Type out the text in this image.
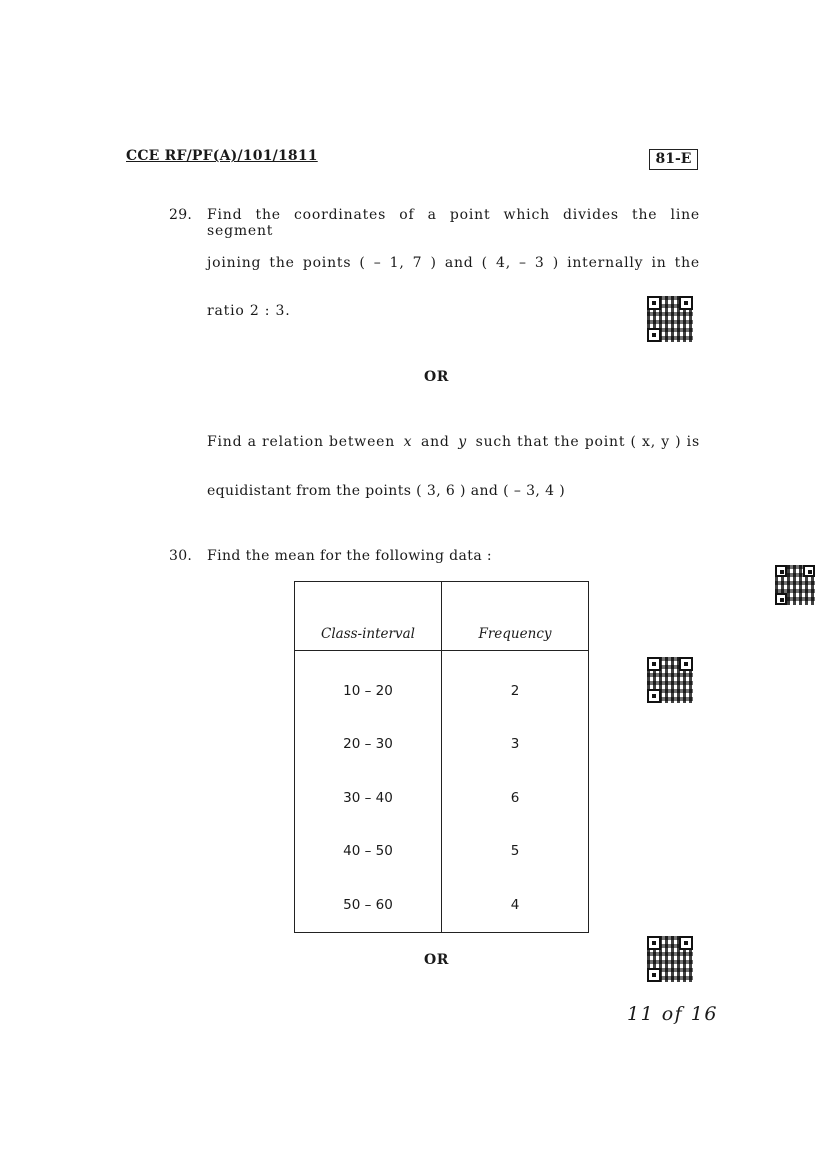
CCE RF/PF(A)/101/1811	81-E
29. Find the coordinates of a point which divides the line segment
joining the points ( – 1, 7 ) and ( 4, – 3 ) internally in the
ratio 2 : 3.
OR
Find a relation between x and y such that the point ( x, y ) is
equidistant from the points ( 3, 6 ) and ( – 3, 4 )
30. Find the mean for the following data :
Class-interval	Frequency
10 – 20	2
20 – 30	3
30 – 40	6
40 – 50	5
50 – 60	4
OR
11 of 16
